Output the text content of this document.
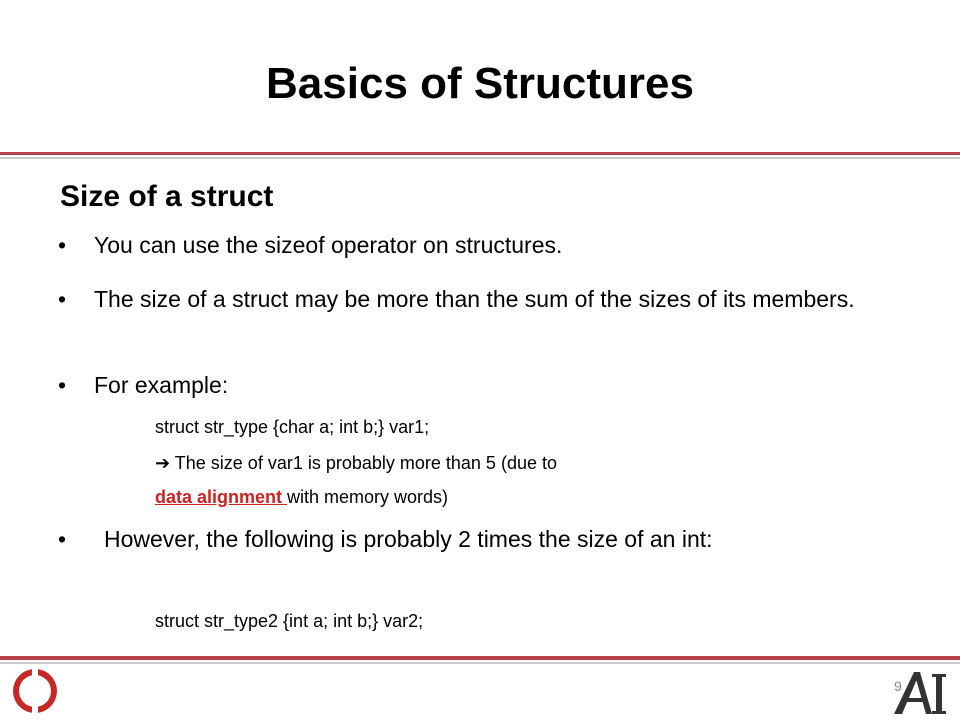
Basics of Structures
Size of a struct
•	You can use the sizeof operator on structures.
•	The size of a struct may be more than the sum of the sizes of its members.
•	For example:
struct str_type {char a; int b;} var1;
➔ The size of var1 is probably more than 5 (due to
data alignment with memory words)
•	However, the following is probably 2 times the size of an int:
struct str_type2 {int a; int b;} var2;
9
